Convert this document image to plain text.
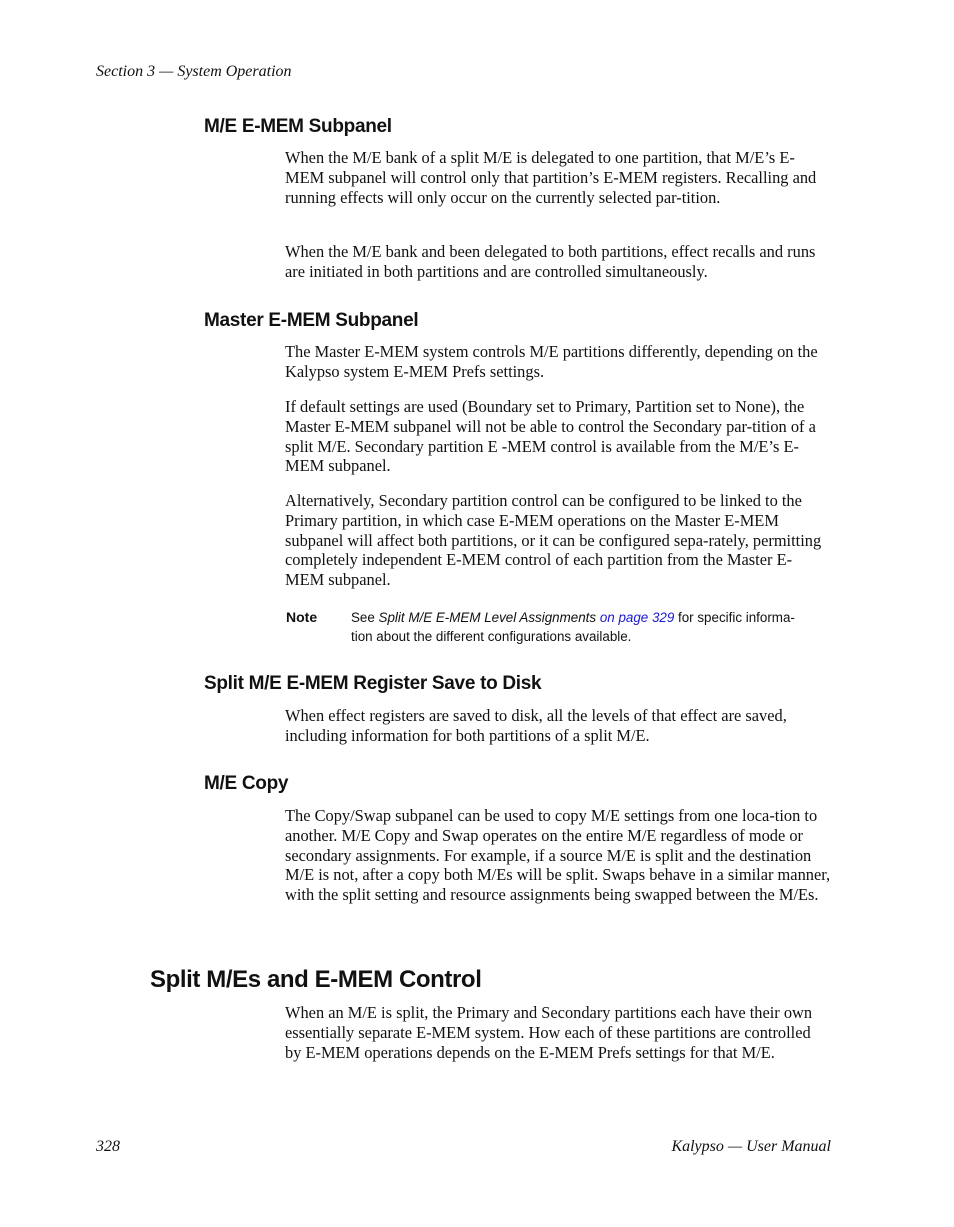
Section 3 — System Operation
M/E E-MEM Subpanel

When the M/E bank of a split M/E is delegated to one partition, that M/E’s E-MEM subpanel will control only that partition’s E-MEM registers. Recalling and running effects will only occur on the currently selected par-tition.

When the M/E bank and been delegated to both partitions, effect recalls and runs are initiated in both partitions and are controlled simultaneously.

Master E-MEM Subpanel

The Master E-MEM system controls M/E partitions differently, depending on the Kalypso system E-MEM Prefs settings.

If default settings are used (Boundary set to Primary, Partition set to None), the Master E-MEM subpanel will not be able to control the Secondary par-tition of a split M/E. Secondary partition E -MEM control is available from the M/E’s E-MEM subpanel.

Alternatively, Secondary partition control can be configured to be linked to the Primary partition, in which case E-MEM operations on the Master E-MEM subpanel will affect both partitions, or it can be configured sepa-rately, permitting completely independent E-MEM control of each partition from the Master E-MEM subpanel.

Note	See Split M/E E-MEM Level Assignments on page 329 for specific informa-tion about the different configurations available.
Split M/E E-MEM Register Save to Disk

When effect registers are saved to disk, all the levels of that effect are saved, including information for both partitions of a split M/E.

M/E Copy

The Copy/Swap subpanel can be used to copy M/E settings from one loca-tion to another. M/E Copy and Swap operates on the entire M/E regardless of mode or secondary assignments. For example, if a source M/E is split and the destination M/E is not, after a copy both M/Es will be split. Swaps behave in a similar manner, with the split setting and resource assignments being swapped between the M/Es.

Split M/Es and E-MEM Control

When an M/E is split, the Primary and Secondary partitions each have their own essentially separate E-MEM system. How each of these partitions are controlled by E-MEM operations depends on the E-MEM Prefs settings for that M/E.

328	Kalypso — User Manual
